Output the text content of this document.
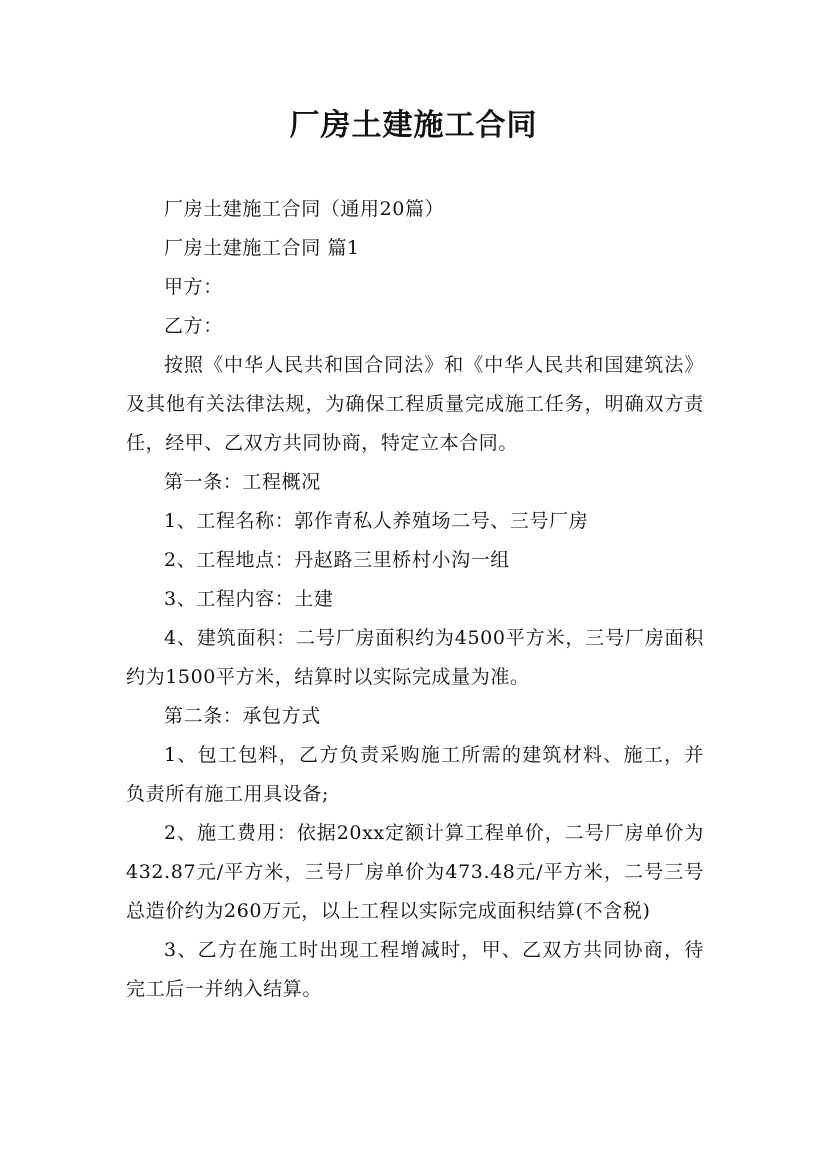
厂房土建施工合同

厂房土建施工合同（通用20篇）

厂房土建施工合同 篇1

甲方：

乙方：

按照《中华人民共和国合同法》和《中华人民共和国建筑法》及其他有关法律法规，为确保工程质量完成施工任务，明确双方责任，经甲、乙双方共同协商，特定立本合同。

第一条：工程概况

1、工程名称：郭作青私人养殖场二号、三号厂房

2、工程地点：丹赵路三里桥村小沟一组

3、工程内容：土建

4、建筑面积：二号厂房面积约为4500平方米，三号厂房面积约为1500平方米，结算时以实际完成量为准。

第二条：承包方式

1、包工包料，乙方负责采购施工所需的建筑材料、施工，并负责所有施工用具设备;

2、施工费用：依据20xx定额计算工程单价，二号厂房单价为432.87元/平方米，三号厂房单价为473.48元/平方米，二号三号总造价约为260万元，以上工程以实际完成面积结算(不含税)

3、乙方在施工时出现工程增减时，甲、乙双方共同协商，待完工后一并纳入结算。
